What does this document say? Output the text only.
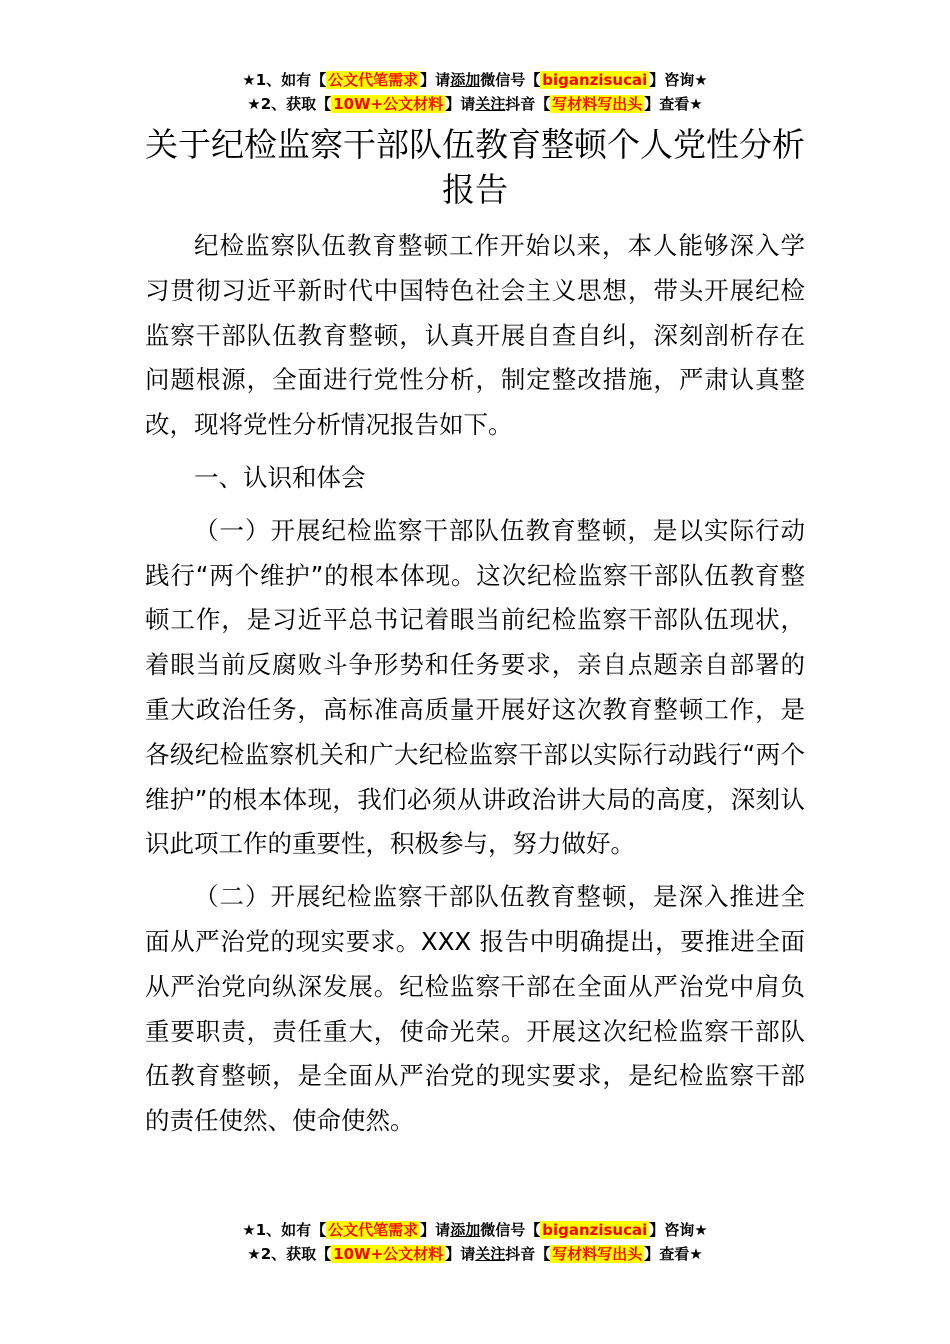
★1、如有【 公文代笔需求 】请添加微信号【 biganzisucai 】咨询★
★2、获取【 10W+公文材料 】请关注抖音【 写材料写出头 】查看★
关于纪检监察干部队伍教育整顿个人党性分析报告

纪检监察队伍教育整顿工作开始以来，本人能够深入学习贯彻习近平新时代中国特色社会主义思想，带头开展纪检监察干部队伍教育整顿，认真开展自查自纠，深刻剖析存在问题根源，全面进行党性分析，制定整改措施，严肃认真整改，现将党性分析情况报告如下。

一、认识和体会

（一）开展纪检监察干部队伍教育整顿，是以实际行动践行“两个维护”的根本体现。这次纪检监察干部队伍教育整顿工作，是习近平总书记着眼当前纪检监察干部队伍现状，着眼当前反腐败斗争形势和任务要求，亲自点题亲自部署的重大政治任务，高标准高质量开展好这次教育整顿工作，是各级纪检监察机关和广大纪检监察干部以实际行动践行“两个维护”的根本体现，我们必须从讲政治讲大局的高度，深刻认识此项工作的重要性，积极参与，努力做好。

（二）开展纪检监察干部队伍教育整顿，是深入推进全面从严治党的现实要求。XXX 报告中明确提出，要推进全面从严治党向纵深发展。纪检监察干部在全面从严治党中肩负重要职责，责任重大，使命光荣。开展这次纪检监察干部队伍教育整顿，是全面从严治党的现实要求，是纪检监察干部的责任使然、使命使然。

★1、如有【 公文代笔需求 】请添加微信号【 biganzisucai 】咨询★
★2、获取【 10W+公文材料 】请关注抖音【 写材料写出头 】查看★
